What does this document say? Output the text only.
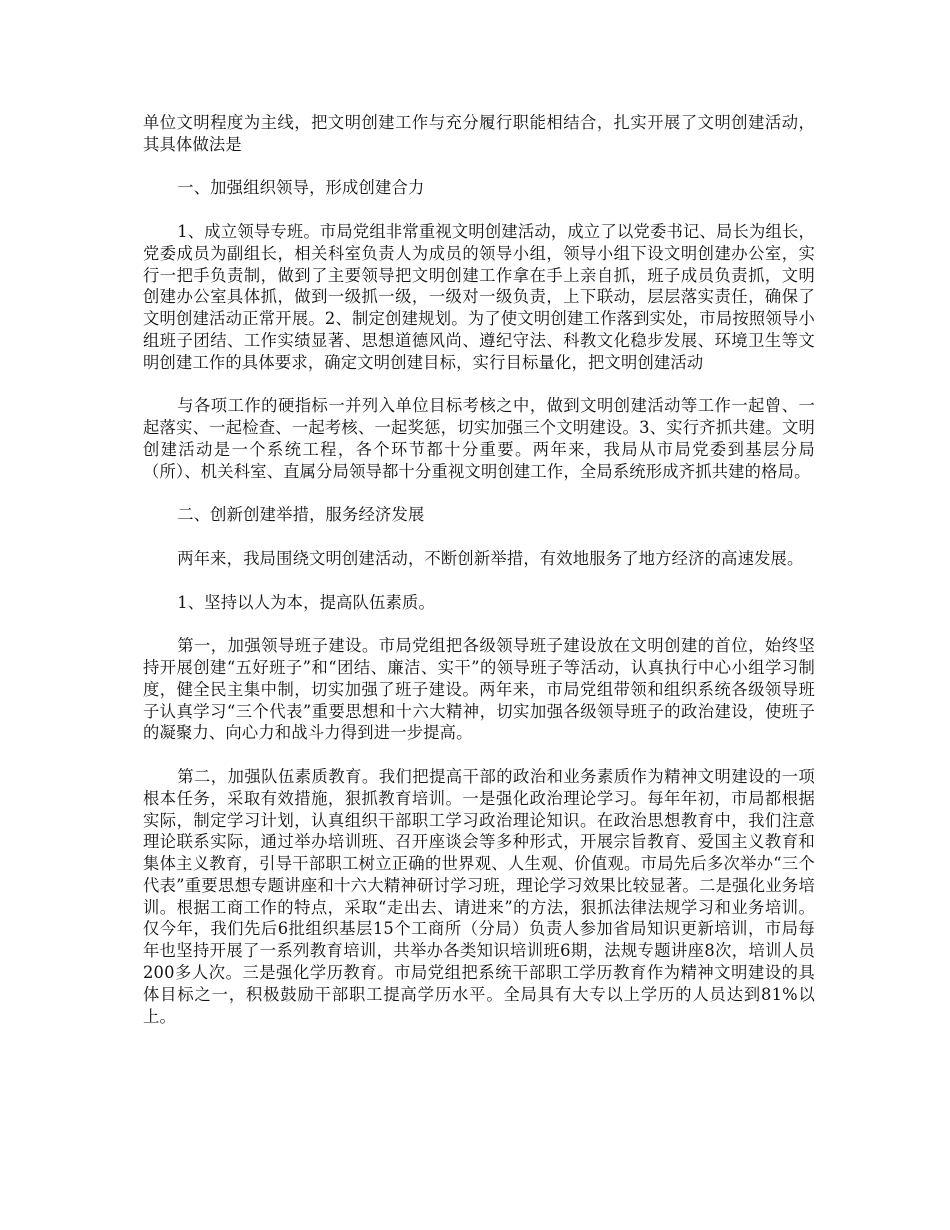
单位文明程度为主线，把文明创建工作与充分履行职能相结合，扎实开展了文明创建活动，其具体做法是

一、加强组织领导，形成创建合力

1、成立领导专班。市局党组非常重视文明创建活动，成立了以党委书记、局长为组长，党委成员为副组长，相关科室负责人为成员的领导小组，领导小组下设文明创建办公室，实行一把手负责制，做到了主要领导把文明创建工作拿在手上亲自抓，班子成员负责抓，文明创建办公室具体抓，做到一级抓一级，一级对一级负责，上下联动，层层落实责任，确保了文明创建活动正常开展。2、制定创建规划。为了使文明创建工作落到实处，市局按照领导小组班子团结、工作实绩显著、思想道德风尚、遵纪守法、科教文化稳步发展、环境卫生等文明创建工作的具体要求，确定文明创建目标，实行目标量化，把文明创建活动

与各项工作的硬指标一并列入单位目标考核之中，做到文明创建活动等工作一起曾、一起落实、一起检查、一起考核、一起奖惩，切实加强三个文明建设。3、实行齐抓共建。文明创建活动是一个系统工程，各个环节都十分重要。两年来，我局从市局党委到基层分局（所）、机关科室、直属分局领导都十分重视文明创建工作，全局系统形成齐抓共建的格局。

二、创新创建举措，服务经济发展

两年来，我局围绕文明创建活动，不断创新举措，有效地服务了地方经济的高速发展。

1、坚持以人为本，提高队伍素质。

第一，加强领导班子建设。市局党组把各级领导班子建设放在文明创建的首位，始终坚持开展创建“五好班子”和“团结、廉洁、实干”的领导班子等活动，认真执行中心小组学习制度，健全民主集中制，切实加强了班子建设。两年来，市局党组带领和组织系统各级领导班子认真学习“三个代表”重要思想和十六大精神，切实加强各级领导班子的政治建设，使班子的凝聚力、向心力和战斗力得到进一步提高。

第二，加强队伍素质教育。我们把提高干部的政治和业务素质作为精神文明建设的一项根本任务，采取有效措施，狠抓教育培训。一是强化政治理论学习。每年年初，市局都根据实际，制定学习计划，认真组织干部职工学习政治理论知识。在政治思想教育中，我们注意理论联系实际，通过举办培训班、召开座谈会等多种形式，开展宗旨教育、爱国主义教育和集体主义教育，引导干部职工树立正确的世界观、人生观、价值观。市局先后多次举办“三个代表”重要思想专题讲座和十六大精神研讨学习班，理论学习效果比较显著。二是强化业务培训。根据工商工作的特点，采取“走出去、请进来”的方法，狠抓法律法规学习和业务培训。仅今年，我们先后6批组织基层15个工商所（分局）负责人参加省局知识更新培训，市局每年也坚持开展了一系列教育培训，共举办各类知识培训班6期，法规专题讲座8次，培训人员200多人次。三是强化学历教育。市局党组把系统干部职工学历教育作为精神文明建设的具体目标之一，积极鼓励干部职工提高学历水平。全局具有大专以上学历的人员达到81%以上。
